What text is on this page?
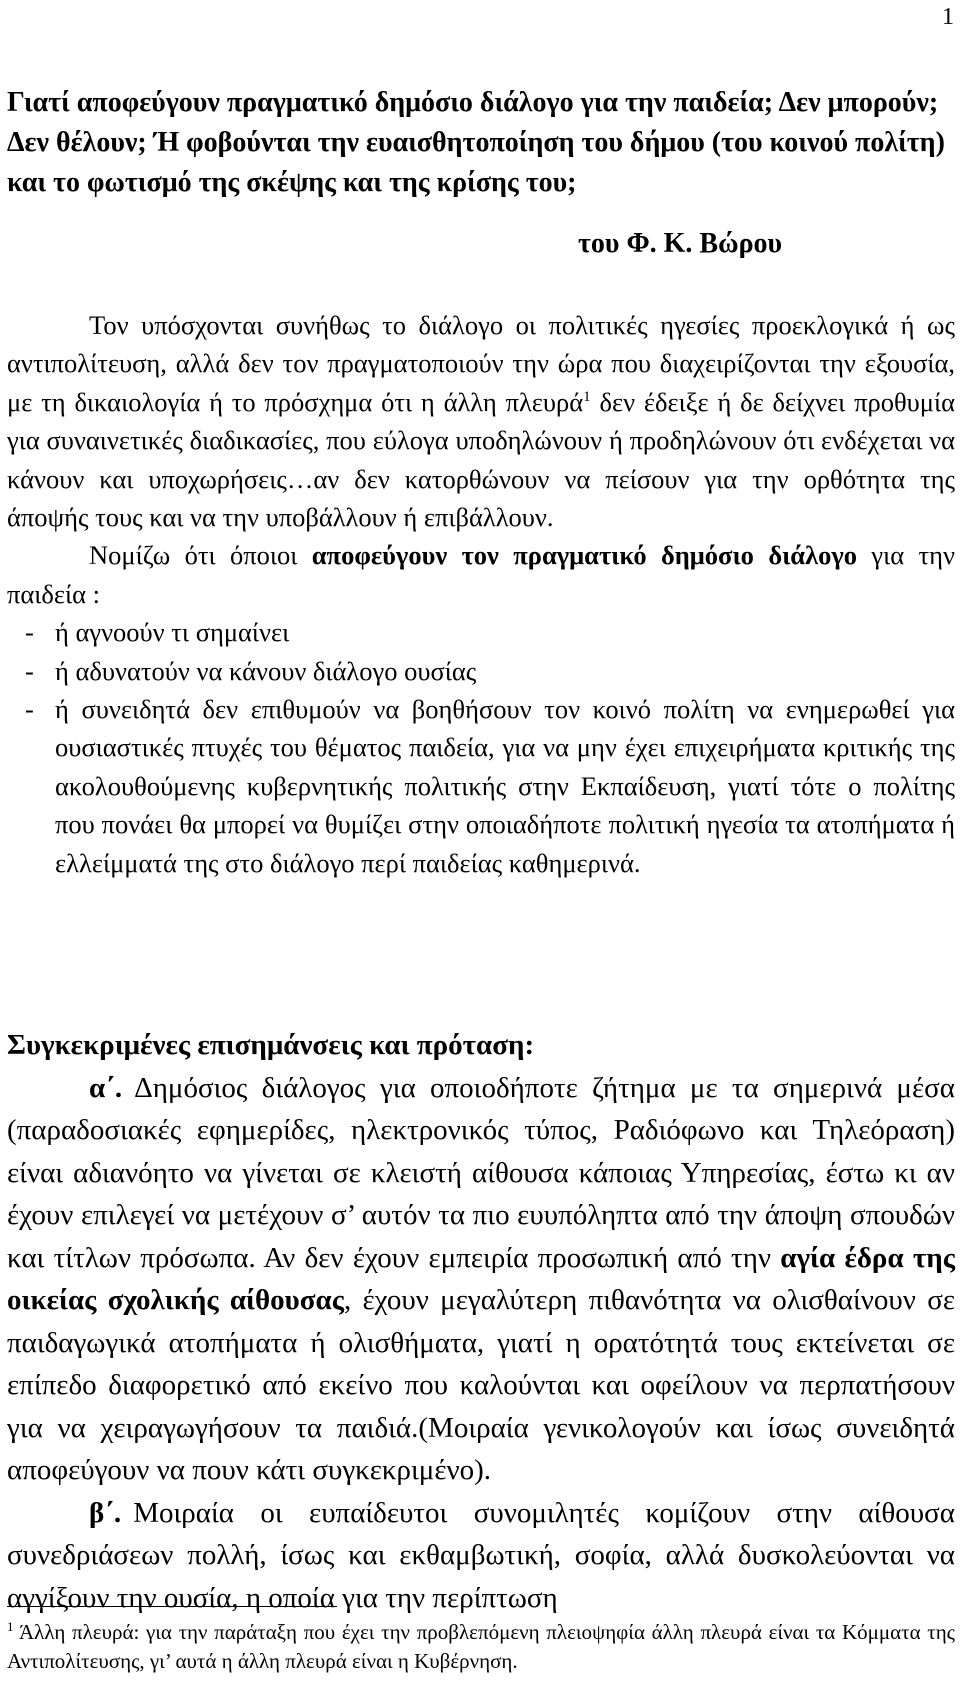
1
Γιατί αποφεύγουν πραγματικό δημόσιο διάλογο για την παιδεία; Δεν μπορούν; Δεν θέλουν; Ή φοβούνται την ευαισθητοποίηση του δήμου (του κοινού πολίτη) και το φωτισμό της σκέψης και της κρίσης του;
του Φ. Κ. Βώρου

Τον υπόσχονται συνήθως το διάλογο οι πολιτικές ηγεσίες προεκλογικά ή ως αντιπολίτευση, αλλά δεν τον πραγματοποιούν την ώρα που διαχειρίζονται την εξουσία, με τη δικαιολογία ή το πρόσχημα ότι η άλλη πλευρά$^1$ δεν έδειξε ή δε δείχνει προθυμία για συναινετικές διαδικασίες, που εύλογα υποδηλώνουν ή προδηλώνουν ότι ενδέχεται να κάνουν και υποχωρήσεις…αν δεν κατορθώνουν να πείσουν για την ορθότητα της άποψής τους και να την υποβάλλουν ή επιβάλλουν.

Νομίζω ότι όποιοι αποφεύγουν τον πραγματικό δημόσιο διάλογο για την παιδεία :

- ή αγνοούν τι σημαίνει
- ή αδυνατούν να κάνουν διάλογο ουσίας
- ή συνειδητά δεν επιθυμούν να βοηθήσουν τον κοινό πολίτη να ενημερωθεί για ουσιαστικές πτυχές του θέματος παιδεία, για να μην έχει επιχειρήματα κριτικής της ακολουθούμενης κυβερνητικής πολιτικής στην Εκπαίδευση, γιατί τότε ο πολίτης που πονάει θα μπορεί να θυμίζει στην οποιαδήποτε πολιτική ηγεσία τα ατοπήματα ή ελλείμματά της στο διάλογο περί παιδείας καθημερινά.

Συγκεκριμένες επισημάνσεις και πρόταση:

α΄. Δημόσιος διάλογος για οποιοδήποτε ζήτημα με τα σημερινά μέσα (παραδοσιακές εφημερίδες, ηλεκτρονικός τύπος, Ραδιόφωνο και Τηλεόραση) είναι αδιανόητο να γίνεται σε κλειστή αίθουσα κάποιας Υπηρεσίας, έστω κι αν έχουν επιλεγεί να μετέχουν σ’ αυτόν τα πιο ευυπόληπτα από την άποψη σπουδών και τίτλων πρόσωπα. Αν δεν έχουν εμπειρία προσωπική από την αγία έδρα της οικείας σχολικής αίθουσας, έχουν μεγαλύτερη πιθανότητα να ολισθαίνουν σε παιδαγωγικά ατοπήματα ή ολισθήματα, γιατί η ορατότητά τους εκτείνεται σε επίπεδο διαφορετικό από εκείνο που καλούνται και οφείλουν να περπατήσουν για να χειραγωγήσουν τα παιδιά.(Μοιραία γενικολογούν και ίσως συνειδητά αποφεύγουν να πουν κάτι συγκεκριμένο).

β΄. Μοιραία οι ευπαίδευτοι συνομιλητές κομίζουν στην αίθουσα συνεδριάσεων πολλή, ίσως και εκθαμβωτική, σοφία, αλλά δυσκολεύονται να αγγίξουν την ουσία, η οποία για την περίπτωση

$^1$ Άλλη πλευρά: για την παράταξη που έχει την προβλεπόμενη πλειοψηφία άλλη πλευρά είναι τα Κόμματα της Αντιπολίτευσης, γι’ αυτά η άλλη πλευρά είναι η Κυβέρνηση.
